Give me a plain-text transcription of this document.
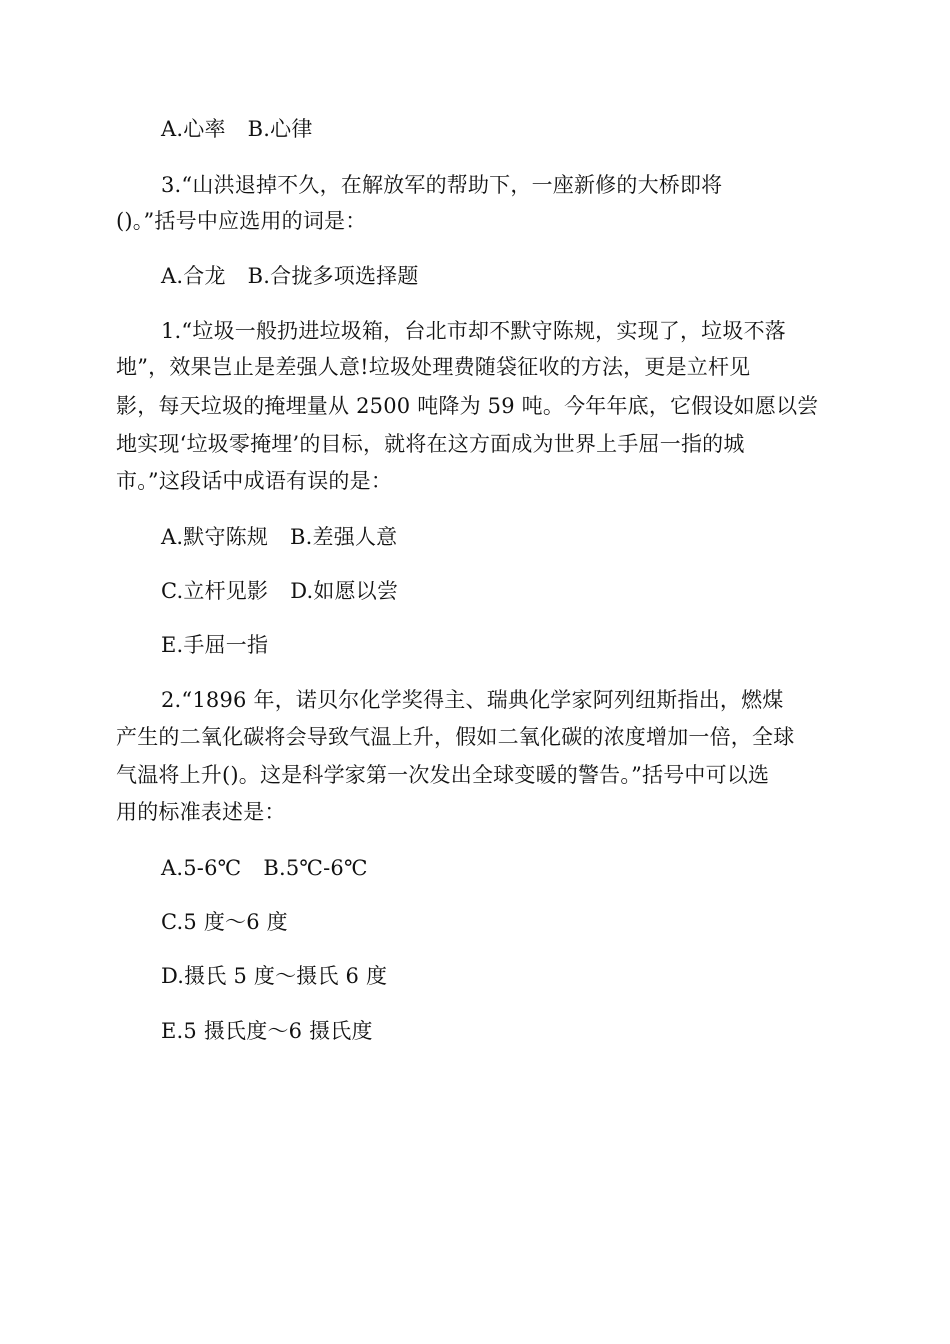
A.心率 B.心律
3.“山洪退掉不久，在解放军的帮助下，一座新修的大桥即将
()。”括号中应选用的词是：
A.合龙 B.合拢多项选择题
1.“垃圾一般扔进垃圾箱，台北市却不默守陈规，实现了，垃圾不落
地”，效果岂止是差强人意!垃圾处理费随袋征收的方法，更是立杆见
影，每天垃圾的掩埋量从 2500 吨降为 59 吨。今年年底，它假设如愿以尝
地实现‘垃圾零掩埋’的目标，就将在这方面成为世界上手屈一指的城
市。”这段话中成语有误的是：
A.默守陈规 B.差强人意
C.立杆见影 D.如愿以尝
E.手屈一指
2.“1896 年，诺贝尔化学奖得主、瑞典化学家阿列纽斯指出，燃煤
产生的二氧化碳将会导致气温上升，假如二氧化碳的浓度增加一倍，全球
气温将上升()。这是科学家第一次发出全球变暖的警告。”括号中可以选
用的标准表述是：
A.5-6℃ B.5℃-6℃
C.5 度～6 度
D.摄氏 5 度～摄氏 6 度
E.5 摄氏度～6 摄氏度
